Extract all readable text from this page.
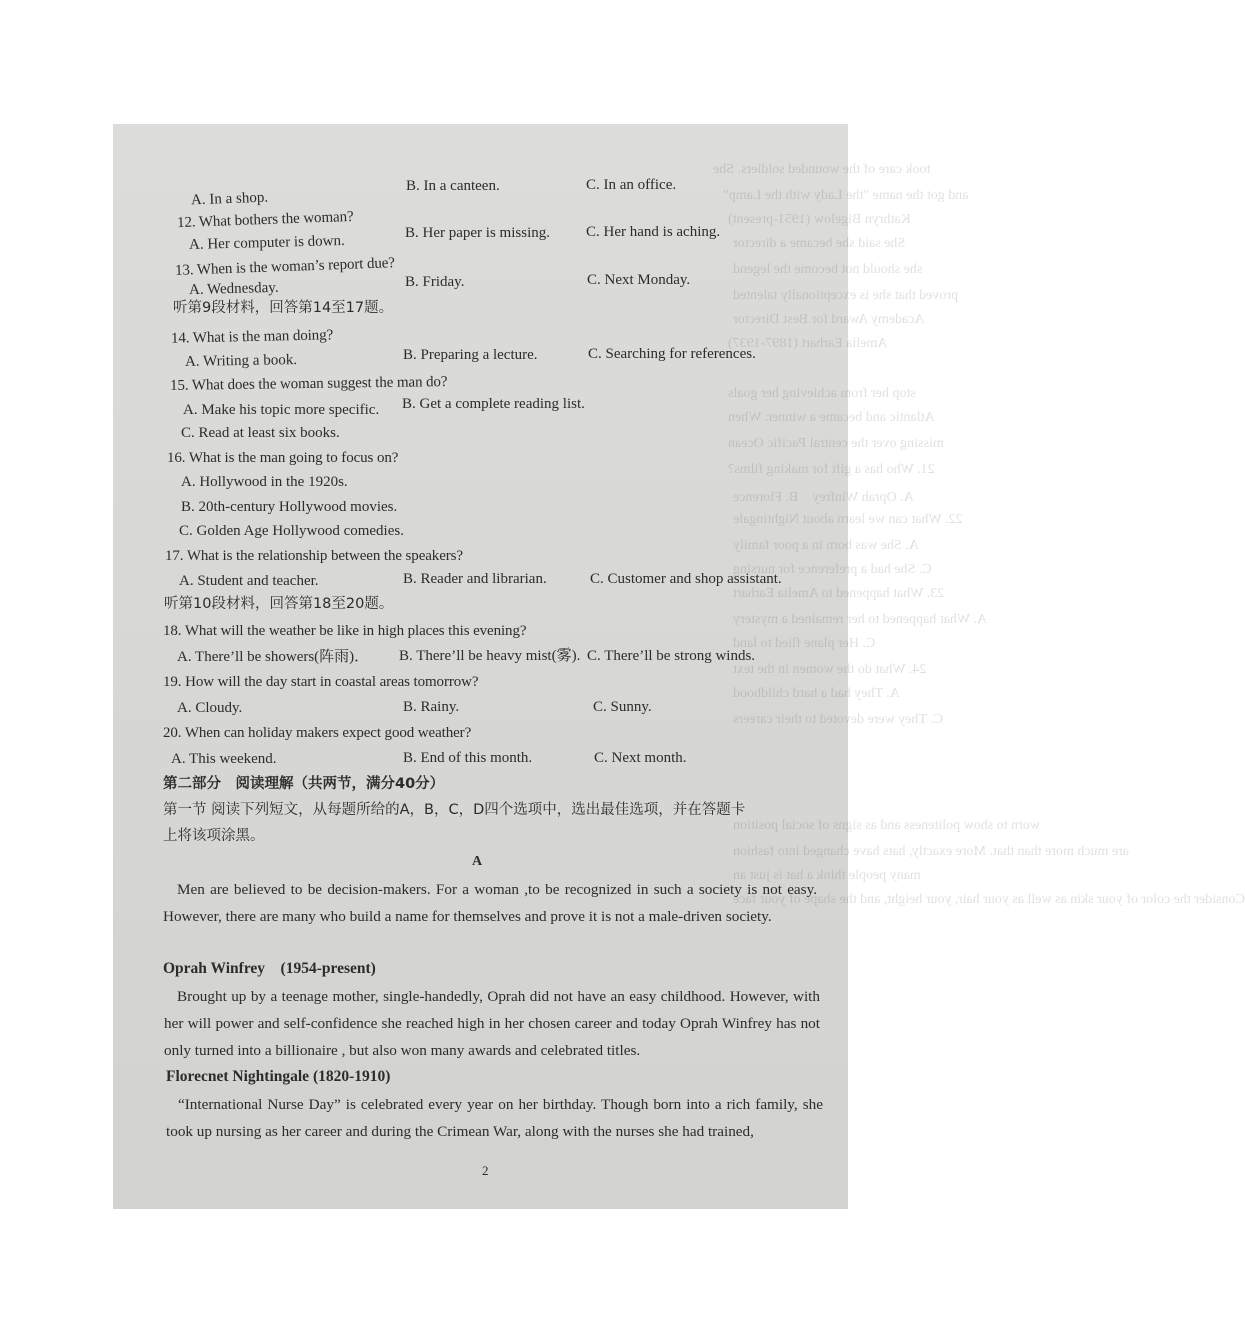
took care of the wounded soldiers. She
and got the name "the Lady with the Lamp"
Kathryn Bigelow (1951-present)
She said she became a director
she should not become the legend
proved that she is exceptionally talented
Academy Award for Best Director
Amelia Earhart (1897-1937)
stop her from achieving her goals
Atlantic and became a winner. When
missing over the central Pacific Ocean
21. Who has a gift for making films?
A. Oprah Winfrey　B. Florence
22. What can we learn about Nightingale
A. She was born in a poor family
C. She had a preference for nursing
23. What happened to Amelia Earhart
A. What happened to her remained a mystery
C. Her plane flied to land
24. What do the women in the text
A. They had a hard childhood
C. They were devoted to their careers
worn to show politeness and as signs of social position
are much more than that. More exactly, hats have changed into fashion
many people think a hat is just an
Consider the color of your skin as well as your hair, your height, and the shape of your face
A. In a shop.
B. In a canteen.	C. In an office.
12. What bothers the woman?
A. Her computer is down.	B. Her paper is missing. C. Her hand is aching.
13. When is the woman’s report due?
A. Wednesday.	B. Friday.	C. Next Monday.
听第9段材料，回答第14至17题。
14. What is the man doing?
A. Writing a book.	B. Preparing a lecture.	C. Searching for references.
15. What does the woman suggest the man do?
A. Make his topic more specific. B. Get a complete reading list.
C. Read at least six books.
16. What is the man going to focus on?
A. Hollywood in the 1920s.
B. 20th-century Hollywood movies.
C. Golden Age Hollywood comedies.
17. What is the relationship between the speakers?
A. Student and teacher.	B. Reader and librarian.	C. Customer and shop assistant.
听第10段材料，回答第18至20题。
18. What will the weather be like in high places this evening?
A. There’ll be showers(阵雨)． B. There’ll be heavy mist(雾). C. There’ll be strong winds.
19. How will the day start in coastal areas tomorrow?
A. Cloudy.	B. Rainy.	C. Sunny.
20. When can holiday makers expect good weather?
A. This weekend.	B. End of this month.	C. Next month.
第二部分　阅读理解（共两节，满分40分）
第一节 阅读下列短文，从每题所给的A，B，C，D四个选项中，选出最佳选项，并在答题卡
上将该项涂黑。
A
Men are believed to be decision-makers. For a woman ,to be recognized in such a society is not easy. However, there are many who build a name for themselves and prove it is not a male-driven society.
Oprah Winfrey　(1954-present)
Brought up by a teenage mother, single-handedly, Oprah did not have an easy childhood. However, with her will power and self-confidence she reached high in her chosen career and today Oprah Winfrey has not only turned into a billionaire , but also won many awards and celebrated titles.
Florecnet Nightingale (1820-1910)
“International Nurse Day” is celebrated every year on her birthday. Though born into a rich family, she took up nursing as her career and during the Crimean War, along with the nurses she had trained,
2
